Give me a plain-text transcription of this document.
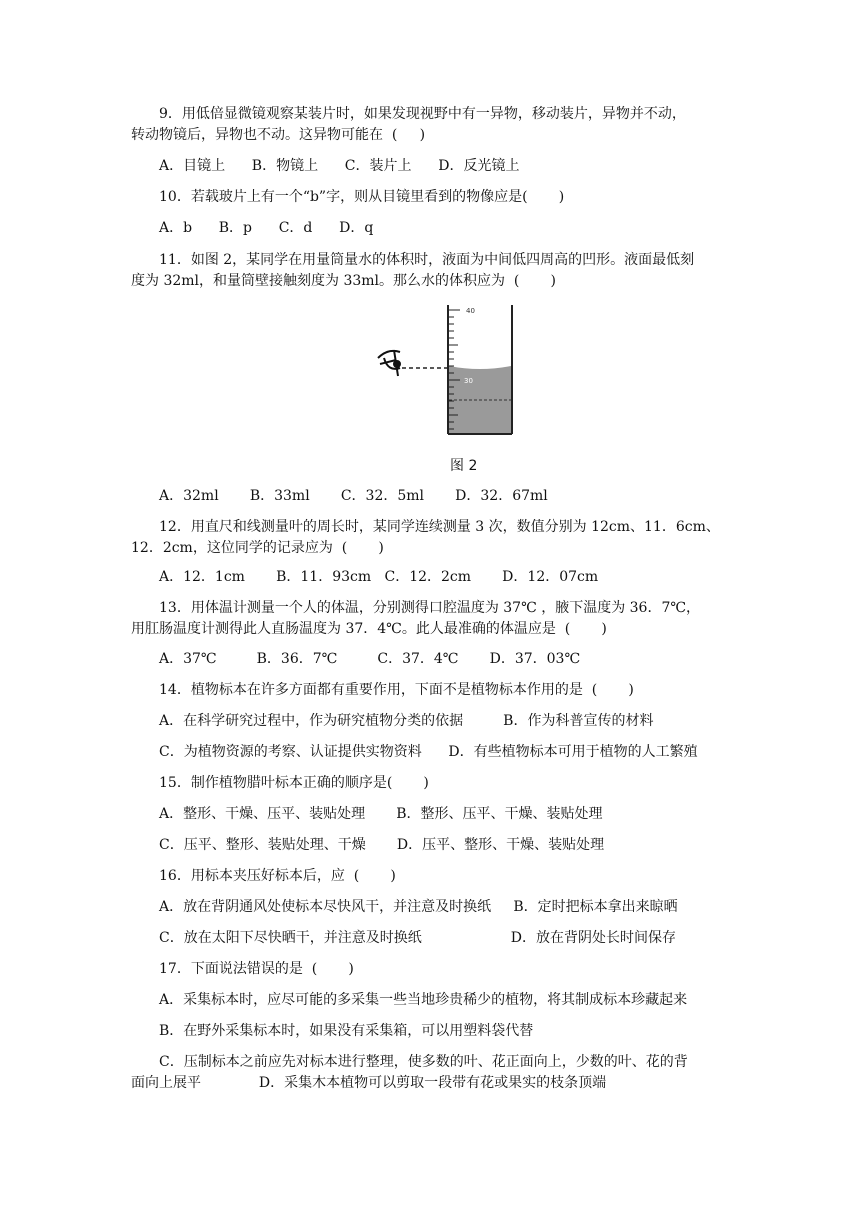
9．用低倍显微镜观察某装片时，如果发现视野中有一异物，移动装片，异物并不动，
转动物镜后，异物也不动。这异物可能在  (     )
A．目镜上      B．物镜上      C．装片上      D．反光镜上
10．若载玻片上有一个“b”字，则从目镜里看到的物像应是(       )
A．b      B．p      C．d      D．q
11．如图 2，某同学在用量筒量水的体积时，液面为中间低四周高的凹形。液面最低刻
度为 32ml，和量筒壁接触刻度为 33ml。那么水的体积应为  (       )
A．32ml       B．33ml       C．32．5ml       D．32．67ml
12．用直尺和线测量叶的周长时，某同学连续测量 3 次，数值分别为 12cm、11．6cm、
12．2cm，这位同学的记录应为  (       )
A．12．1cm       B．11．93cm   C．12．2cm       D．12．07cm
13．用体温计测量一个人的体温，分别测得口腔温度为 37℃ ，腋下温度为 36．7℃，
用肛肠温度计测得此人直肠温度为 37．4℃。此人最准确的体温应是  (       )
A．37℃         B．36．7℃         C．37．4℃       D．37．03℃
14．植物标本在许多方面都有重要作用，下面不是植物标本作用的是  (       )
A．在科学研究过程中，作为研究植物分类的依据         B．作为科普宣传的材料
C．为植物资源的考察、认证提供实物资料      D．有些植物标本可用于植物的人工繁殖
15．制作植物腊叶标本正确的顺序是(       )
A．整形、干燥、压平、装贴处理       B．整形、压平、干燥、装贴处理
C．压平、整形、装贴处理、干燥       D．压平、整形、干燥、装贴处理
16．用标本夹压好标本后，应  (       )
A．放在背阴通风处使标本尽快风干，并注意及时换纸     B．定时把标本拿出来晾晒
C．放在太阳下尽快晒干，并注意及时换纸                    D．放在背阴处长时间保存
17．下面说法错误的是  (       )
A．采集标本时，应尽可能的多采集一些当地珍贵稀少的植物，将其制成标本珍藏起来
B．在野外采集标本时，如果没有采集箱，可以用塑料袋代替
C．压制标本之前应先对标本进行整理，使多数的叶、花正面向上，少数的叶、花的背
面向上展平             D．采集木本植物可以剪取一段带有花或果实的枝条顶端
40
30
图 2
